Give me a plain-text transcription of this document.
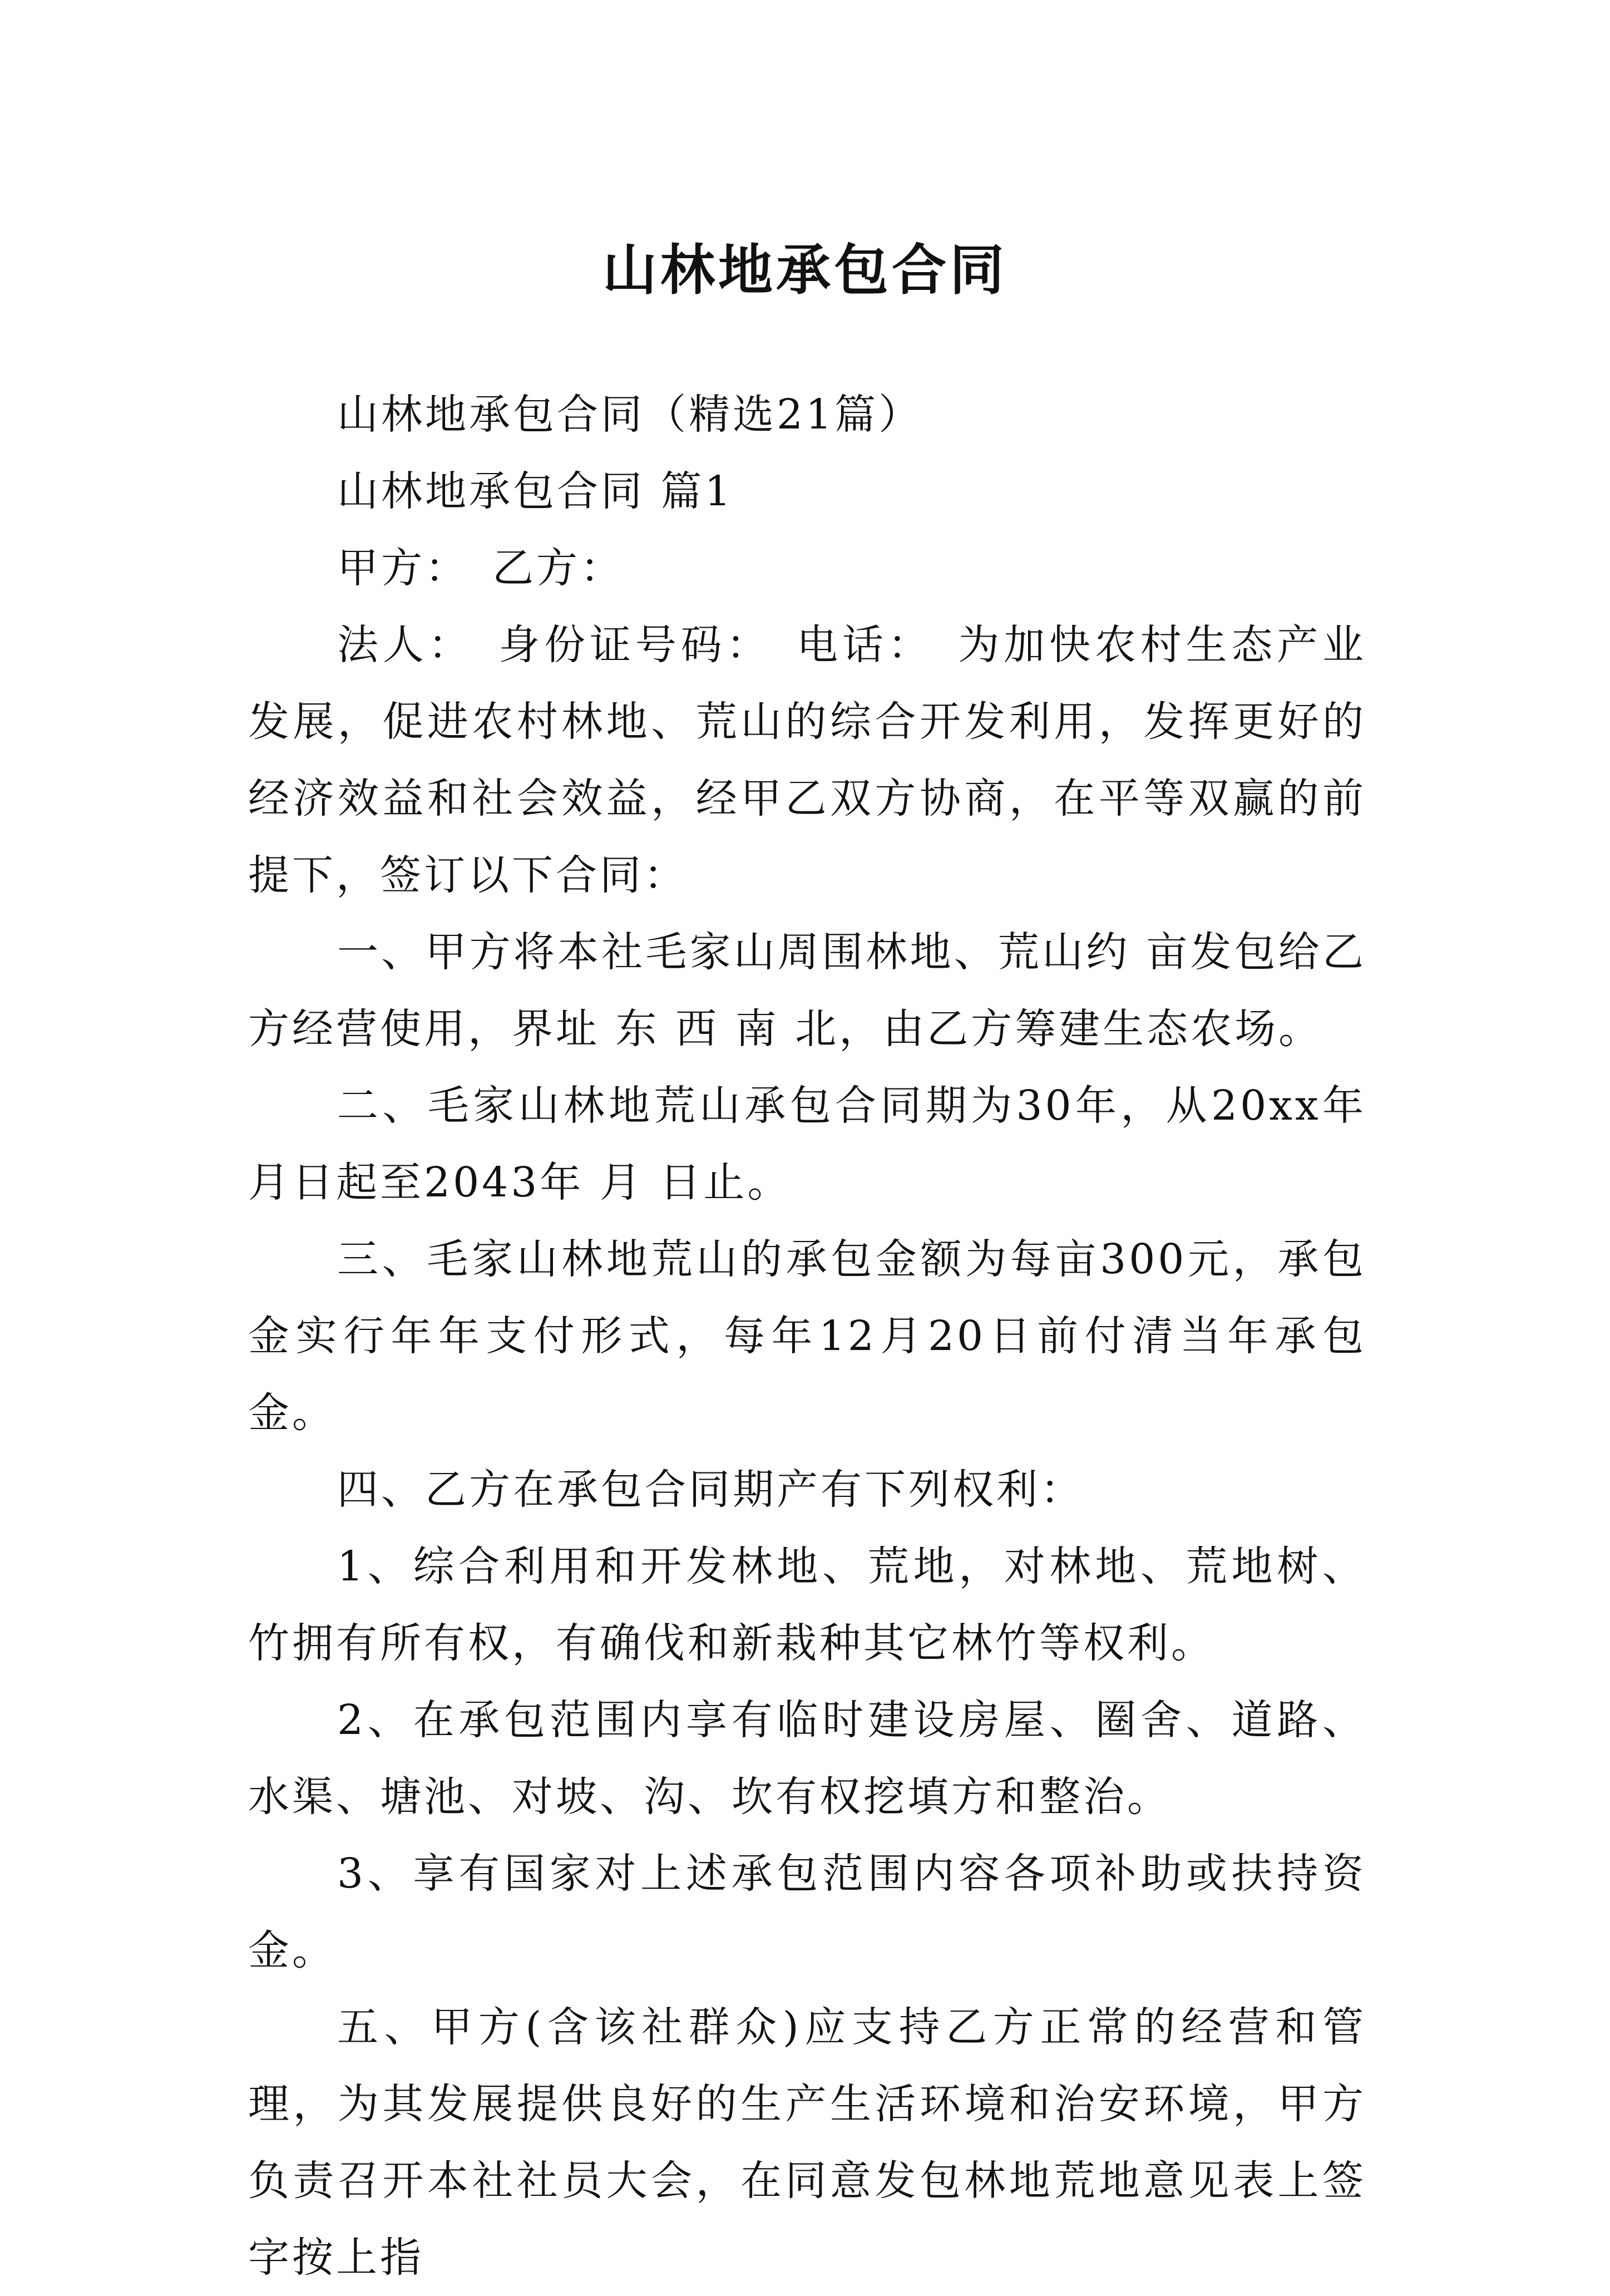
山林地承包合同

山林地承包合同（精选21篇）

山林地承包合同 篇1

甲方：　乙方：

法人：　身份证号码：　电话：　为加快农村生态产业发展，促进农村林地、荒山的综合开发利用，发挥更好的经济效益和社会效益，经甲乙双方协商，在平等双赢的前提下，签订以下合同：

一、甲方将本社毛家山周围林地、荒山约 亩发包给乙方经营使用，界址 东 西 南 北，由乙方筹建生态农场。

二、毛家山林地荒山承包合同期为30年，从20xx年 月日起至2043年 月 日止。

三、毛家山林地荒山的承包金额为每亩300元，承包金实行年年支付形式，每年12月20日前付清当年承包金。

四、乙方在承包合同期产有下列权利：

1、综合利用和开发林地、荒地，对林地、荒地树、竹拥有所有权，有确伐和新栽种其它林竹等权利。

2、在承包范围内享有临时建设房屋、圈舍、道路、水渠、塘池、对坡、沟、坎有权挖填方和整治。

3、享有国家对上述承包范围内容各项补助或扶持资金。

五、甲方(含该社群众)应支持乙方正常的经营和管理，为其发展提供良好的生产生活环境和治安环境，甲方负责召开本社社员大会，在同意发包林地荒地意见表上签字按上指
